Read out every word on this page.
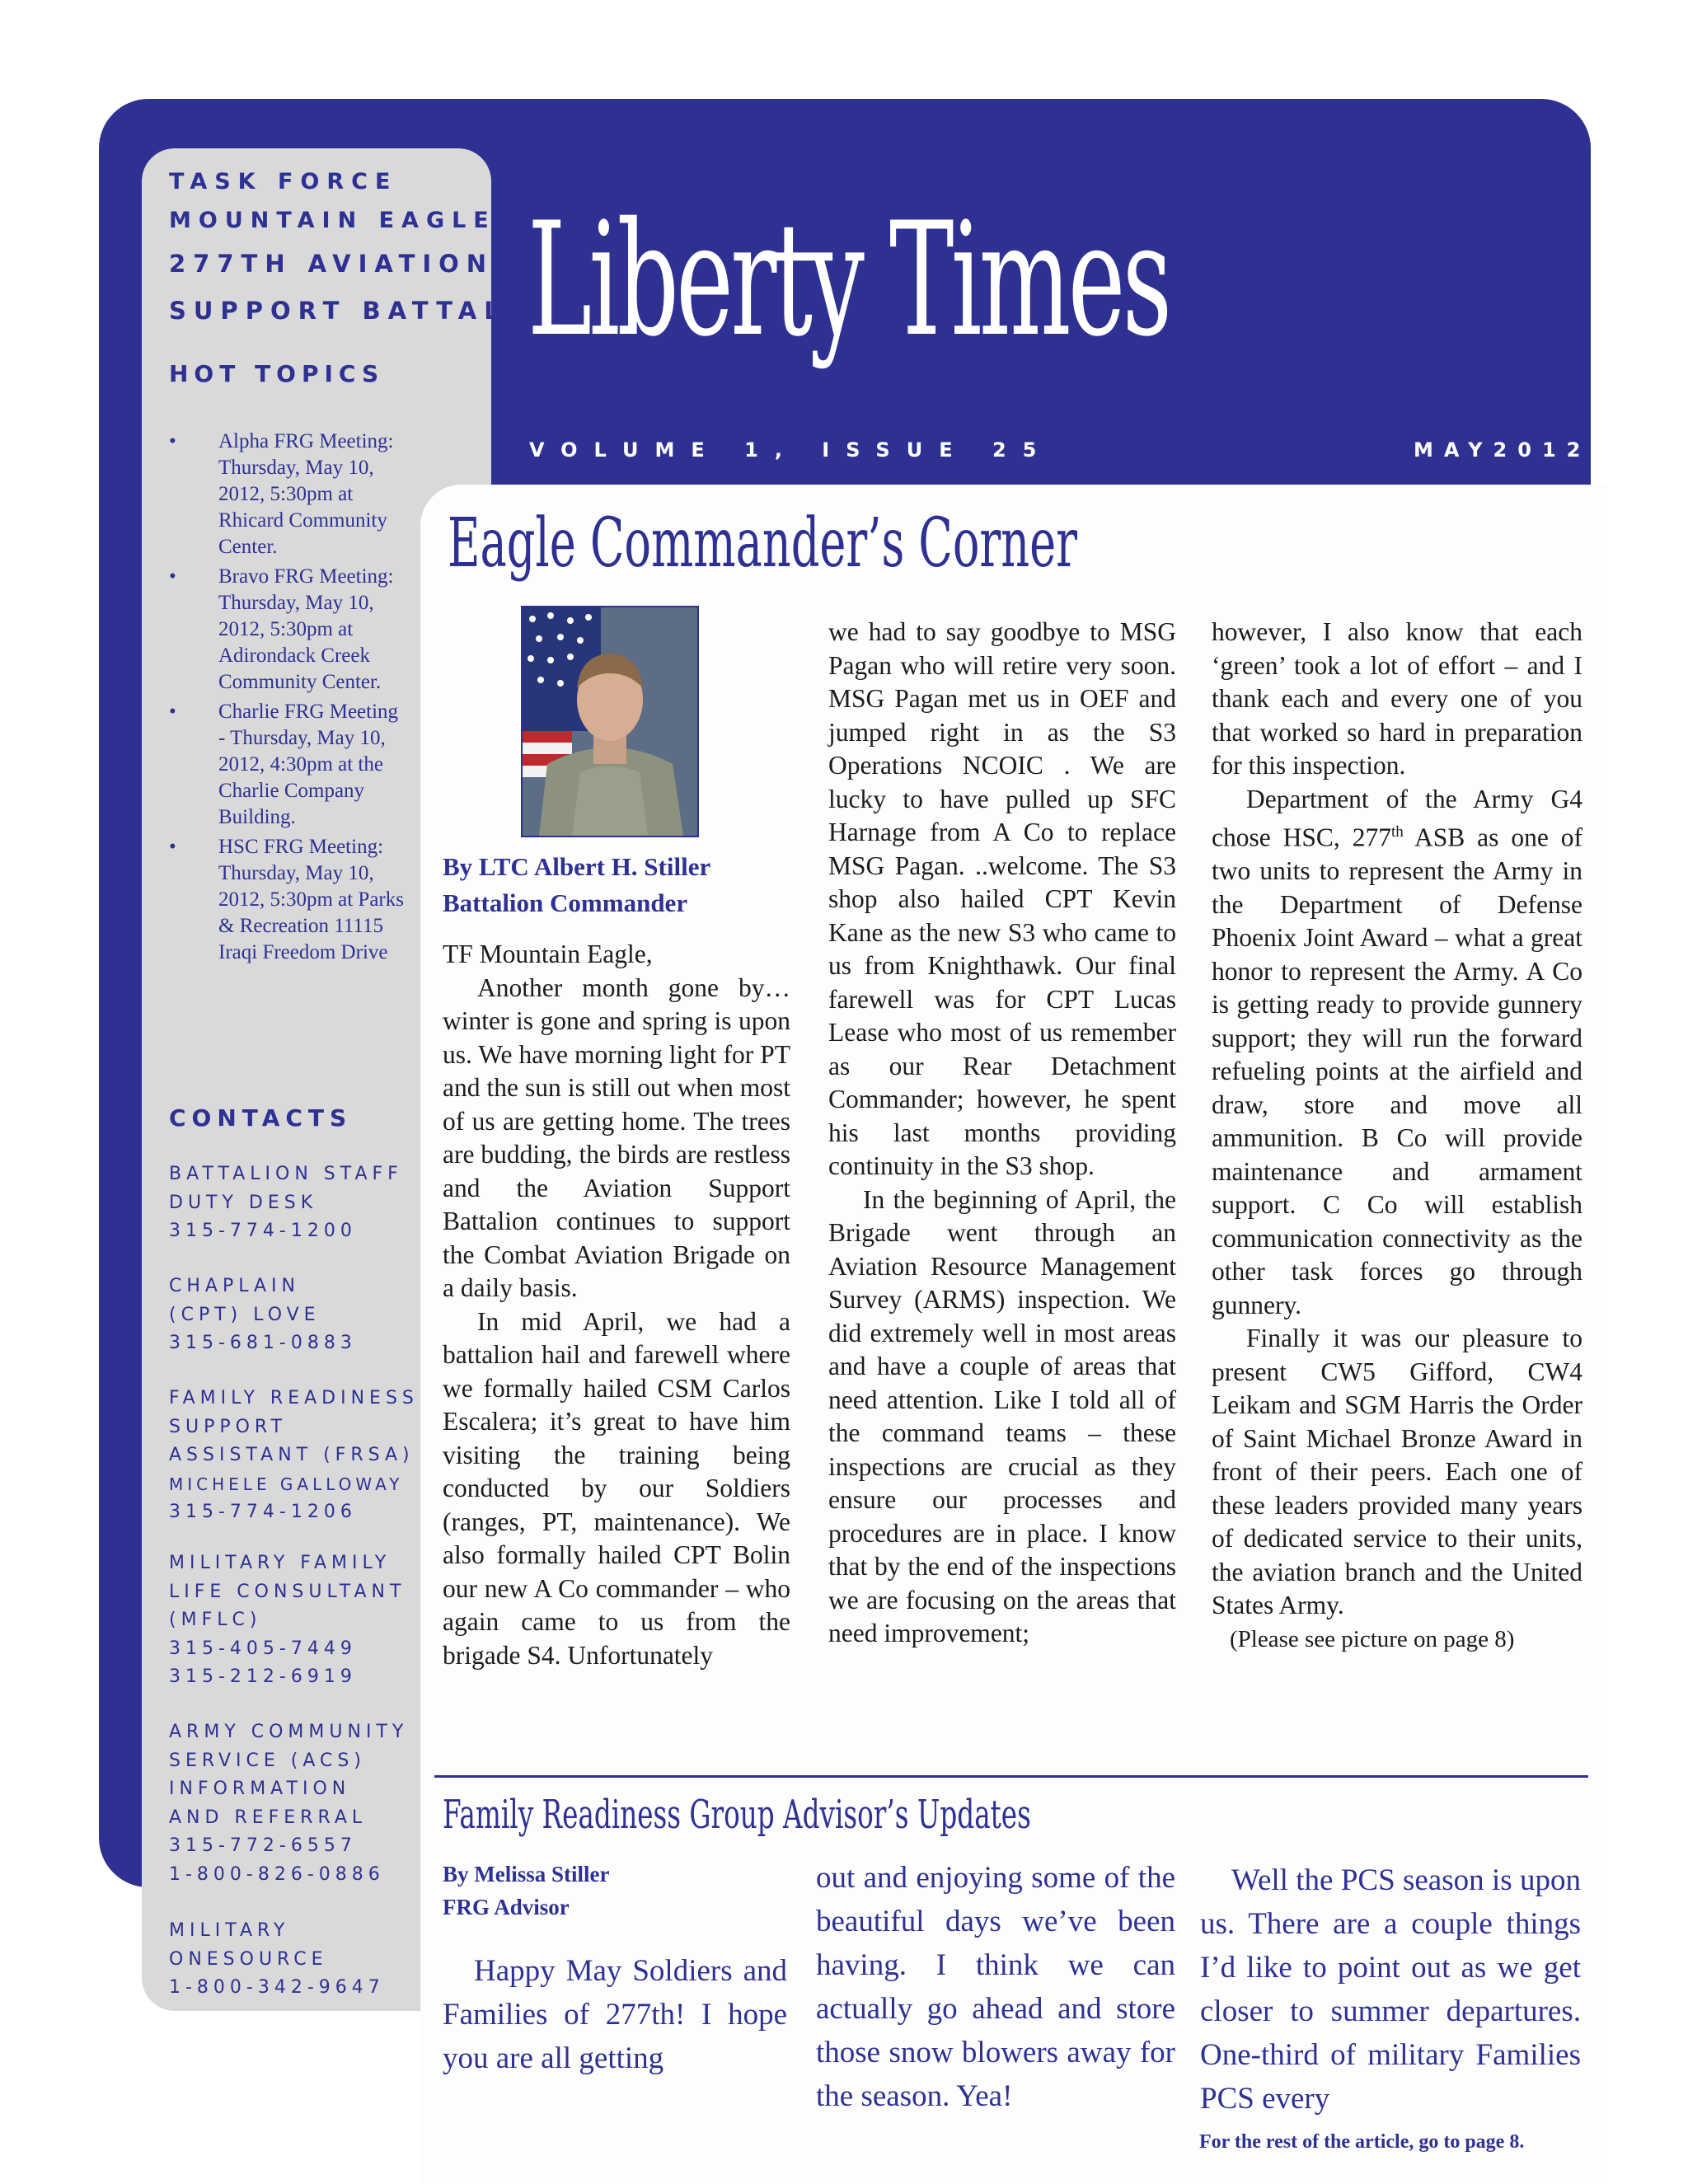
TASK FORCE
MOUNTAIN EAGLE
277TH AVIATION
SUPPORT BATTALION
HOT TOPICS
• Alpha FRG Meeting: Thursday, May 10, 2012, 5:30pm at Rhicard Community Center.
• Bravo FRG Meeting: Thursday, May 10, 2012, 5:30pm at Adirondack Creek Community Center.
• Charlie FRG Meeting - Thursday, May 10, 2012, 4:30pm at the Charlie Company Building.
• HSC FRG Meeting: Thursday, May 10, 2012, 5:30pm at Parks & Recreation 11115 Iraqi Freedom Drive
CONTACTS
BATTALION STAFF
DUTY DESK
315-774-1200
CHAPLAIN
(CPT) LOVE
315-681-0883
FAMILY READINESS
SUPPORT
ASSISTANT (FRSA)
MICHELE GALLOWAY
315-774-1206
MILITARY FAMILY
LIFE CONSULTANT
(MFLC)
315-405-7449
315-212-6919
ARMY COMMUNITY
SERVICE (ACS)
INFORMATION
AND REFERRAL
315-772-6557
1-800-826-0886
MILITARY
ONESOURCE
1-800-342-9647
Liberty Times
VOLUME 1, ISSUE 25	MAY2012
Eagle Commander’s Corner
By LTC Albert H. Stiller
Battalion Commander

TF Mountain Eagle,

Another month gone by… winter is gone and spring is upon us. We have morning light for PT and the sun is still out when most of us are getting home. The trees are budding, the birds are restless and the Aviation Support Battalion continues to support the Combat Aviation Brigade on a daily basis.

In mid April, we had a battalion hail and farewell where we formally hailed CSM Carlos Escalera; it’s great to have him visiting the training being conducted by our Soldiers (ranges, PT, maintenance). We also formally hailed CPT Bolin our new A Co commander – who again came to us from the brigade S4. Unfortunately

we had to say goodbye to MSG Pagan who will retire very soon. MSG Pagan met us in OEF and jumped right in as the S3 Operations NCOIC . We are lucky to have pulled up SFC Harnage from A Co to replace MSG Pagan. ..welcome. The S3 shop also hailed CPT Kevin Kane as the new S3 who came to us from Knighthawk. Our final farewell was for CPT Lucas Lease who most of us remember as our Rear Detachment Commander; however, he spent his last months providing continuity in the S3 shop.

In the beginning of April, the Brigade went through an Aviation Resource Management Survey (ARMS) inspection. We did extremely well in most areas and have a couple of areas that need attention. Like I told all of the command teams – these inspections are crucial as they ensure our processes and procedures are in place. I know that by the end of the inspections we are focusing on the areas that need improvement;

however, I also know that each ‘green’ took a lot of effort – and I thank each and every one of you that worked so hard in preparation for this inspection.

Department of the Army G4 chose HSC, 277th ASB as one of two units to represent the Army in the Department of Defense Phoenix Joint Award – what a great honor to represent the Army. A Co is getting ready to provide gunnery support; they will run the forward refueling points at the airfield and draw, store and move all ammunition. B Co will provide maintenance and armament support. C Co will establish communication connectivity as the other task forces go through gunnery.

Finally it was our pleasure to present CW5 Gifford, CW4 Leikam and SGM Harris the Order of Saint Michael Bronze Award in front of their peers. Each one of these leaders provided many years of dedicated service to their units, the aviation branch and the United States Army.

(Please see picture on page 8)

Family Readiness Group Advisor’s Updates
By Melissa Stiller
FRG Advisor

Happy May Soldiers and Families of 277th! I hope you are all getting

out and enjoying some of the beautiful days we’ve been having. I think we can actually go ahead and store those snow blowers away for the season. Yea!

Well the PCS season is upon us. There are a couple things I’d like to point out as we get closer to summer departures. One-third of military Families PCS every

For the rest of the article, go to page 8.
